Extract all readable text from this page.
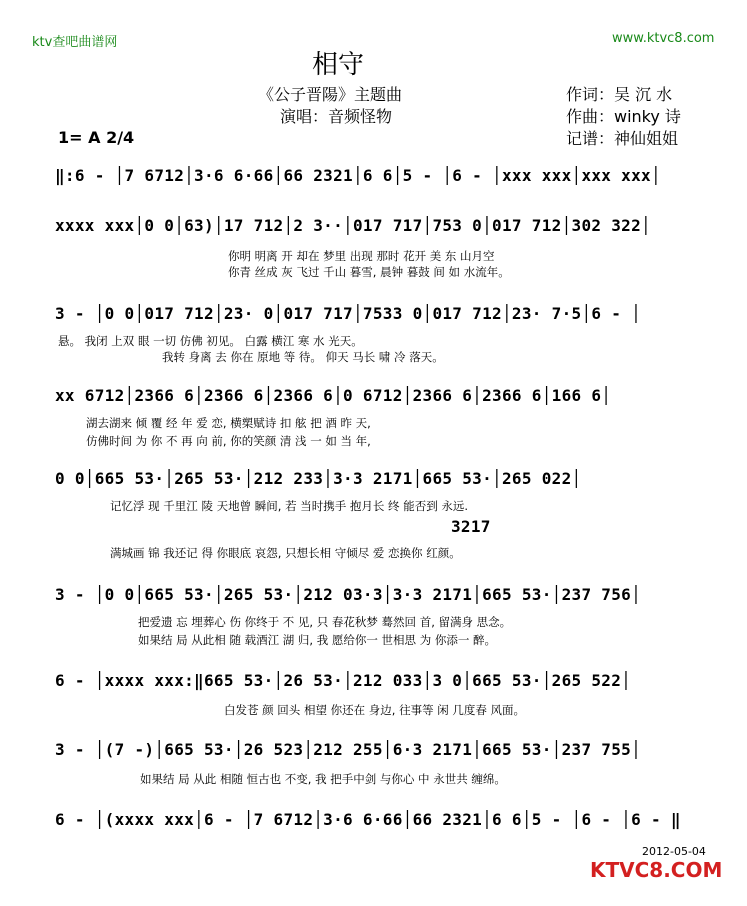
ktv查吧曲谱网	www.ktvc8.com
相守
《公子晋陽》主题曲
演唱：音频怪物
作词：吴 沉 水
作曲：winky 诗
记谱：神仙姐姐
1= A 2/4
‖:6 - │7 6712│3·6 6·66│66 2321│6 6│5 - │6 - │xxx xxx│xxx xxx│
xxxx xxx│0 0│63)│17 712│2 3··│017 717│753 0│017 712│302 322│
你明 明离 开 却在 梦里 出现 那时 花开 美 东 山月空
你青 丝成 灰 飞过 千山 暮雪, 晨钟 暮鼓 间 如 水流年。
3 - │0 0│017 712│23· 0│017 717│7533 0│017 712│23· 7·5│6 - │
悬。 我闭 上双 眼 一切 仿佛 初见。 白露 横江 寒 水 光天。
我转 身离 去 你在 原地 等 待。 仰天 马长 啸 冷 落天。
xx 6712│2366 6│2366 6│2366 6│0 6712│2366 6│2366 6│166 6│
湖去湖来 倾 覆 经 年 爱 恋, 横槊赋诗 扣 舷 把 酒 昨 天,
仿佛时间 为 你 不 再 向 前, 你的笑颜 清 浅 一 如 当 年,
0 0│665 53·│265 53·│212 233│3·3 2171│665 53·│265 022│
记忆浮 现 千里江 陵 天地曾 瞬间, 若 当时携手 抱月长 终 能否到 永远.
3217
满城画 锦 我还记 得 你眼底 哀怨, 只想长相 守倾尽 爱 恋换你 红颜。
3 - │0 0│665 53·│265 53·│212 03·3│3·3 2171│665 53·│237 756│
把爱遗 忘 埋葬心 伤 你终于 不 见, 只 春花秋梦 蓦然回 首, 留满身 思念。
如果结 局 从此相 随 载酒江 湖 归, 我 愿给你一 世相思 为 你添一 醉。
6 - │xxxx xxx:‖665 53·│26 53·│212 033│3 0│665 53·│265 522│
白发苍 颜 回头 相望 你还在 身边, 往事等 闲 几度春 风面。
3 - │(7 -)│665 53·│26 523│212 255│6·3 2171│665 53·│237 755│
如果结 局 从此 相随 恒古也 不变, 我 把手中剑 与你心 中 永世共 缠绵。
6 - │(xxxx xxx│6 - │7 6712│3·6 6·66│66 2321│6 6│5 - │6 - │6 - ‖
2012-05-04
KTVC8.COM
